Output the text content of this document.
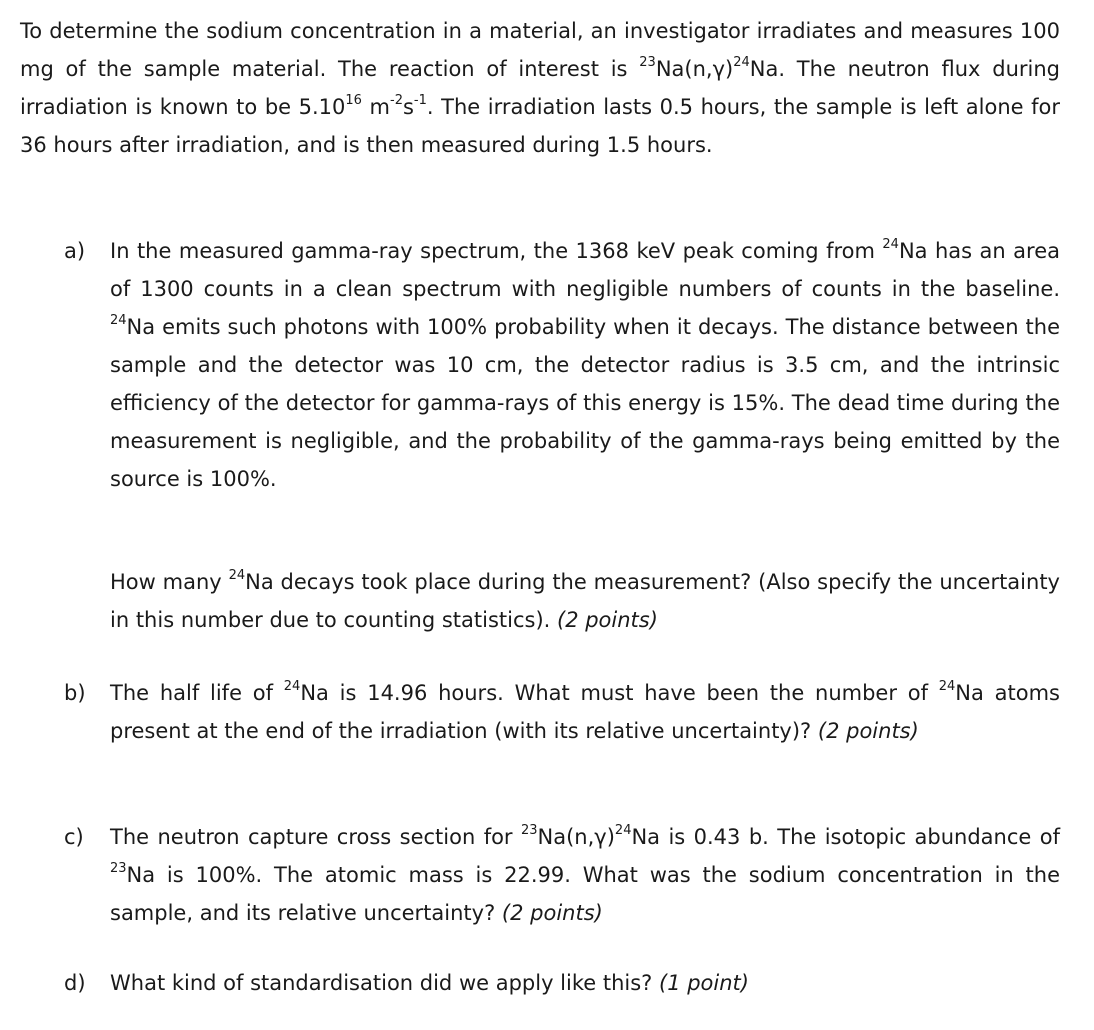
To determine the sodium concentration in a material, an investigator irradiates and measures 100 mg of the sample material. The reaction of interest is $^{23}Na(n,\gamma)^{24}Na$. The neutron flux during irradiation is known to be 5.10$^{16}$ $m^{-2}s^{-1}$. The irradiation lasts 0.5 hours, the sample is left alone for 36 hours after irradiation, and is then measured during 1.5 hours.
a) In the measured gamma-ray spectrum, the 1368 keV peak coming from $^{24}$Na has an area of 1300 counts in a clean spectrum with negligible numbers of counts in the baseline. $^{24}$Na emits such photons with 100% probability when it decays. The distance between the sample and the detector was 10 cm, the detector radius is 3.5 cm, and the intrinsic efficiency of the detector for gamma-rays of this energy is 15%. The dead time during the measurement is negligible, and the probability of the gamma-rays being emitted by the source is 100%.
How many $^{24}$Na decays took place during the measurement? (Also specify the uncertainty in this number due to counting statistics). (2 points)
b) The half life of $^{24}$Na is 14.96 hours. What must have been the number of $^{24}$Na atoms present at the end of the irradiation (with its relative uncertainty)? (2 points)
c) The neutron capture cross section for $^{23}Na(n,\gamma)^{24}Na$ is 0.43 b. The isotopic abundance of $^{23}$Na is 100%. The atomic mass is 22.99. What was the sodium concentration in the sample, and its relative uncertainty? (2 points)
d) What kind of standardisation did we apply like this? (1 point)
